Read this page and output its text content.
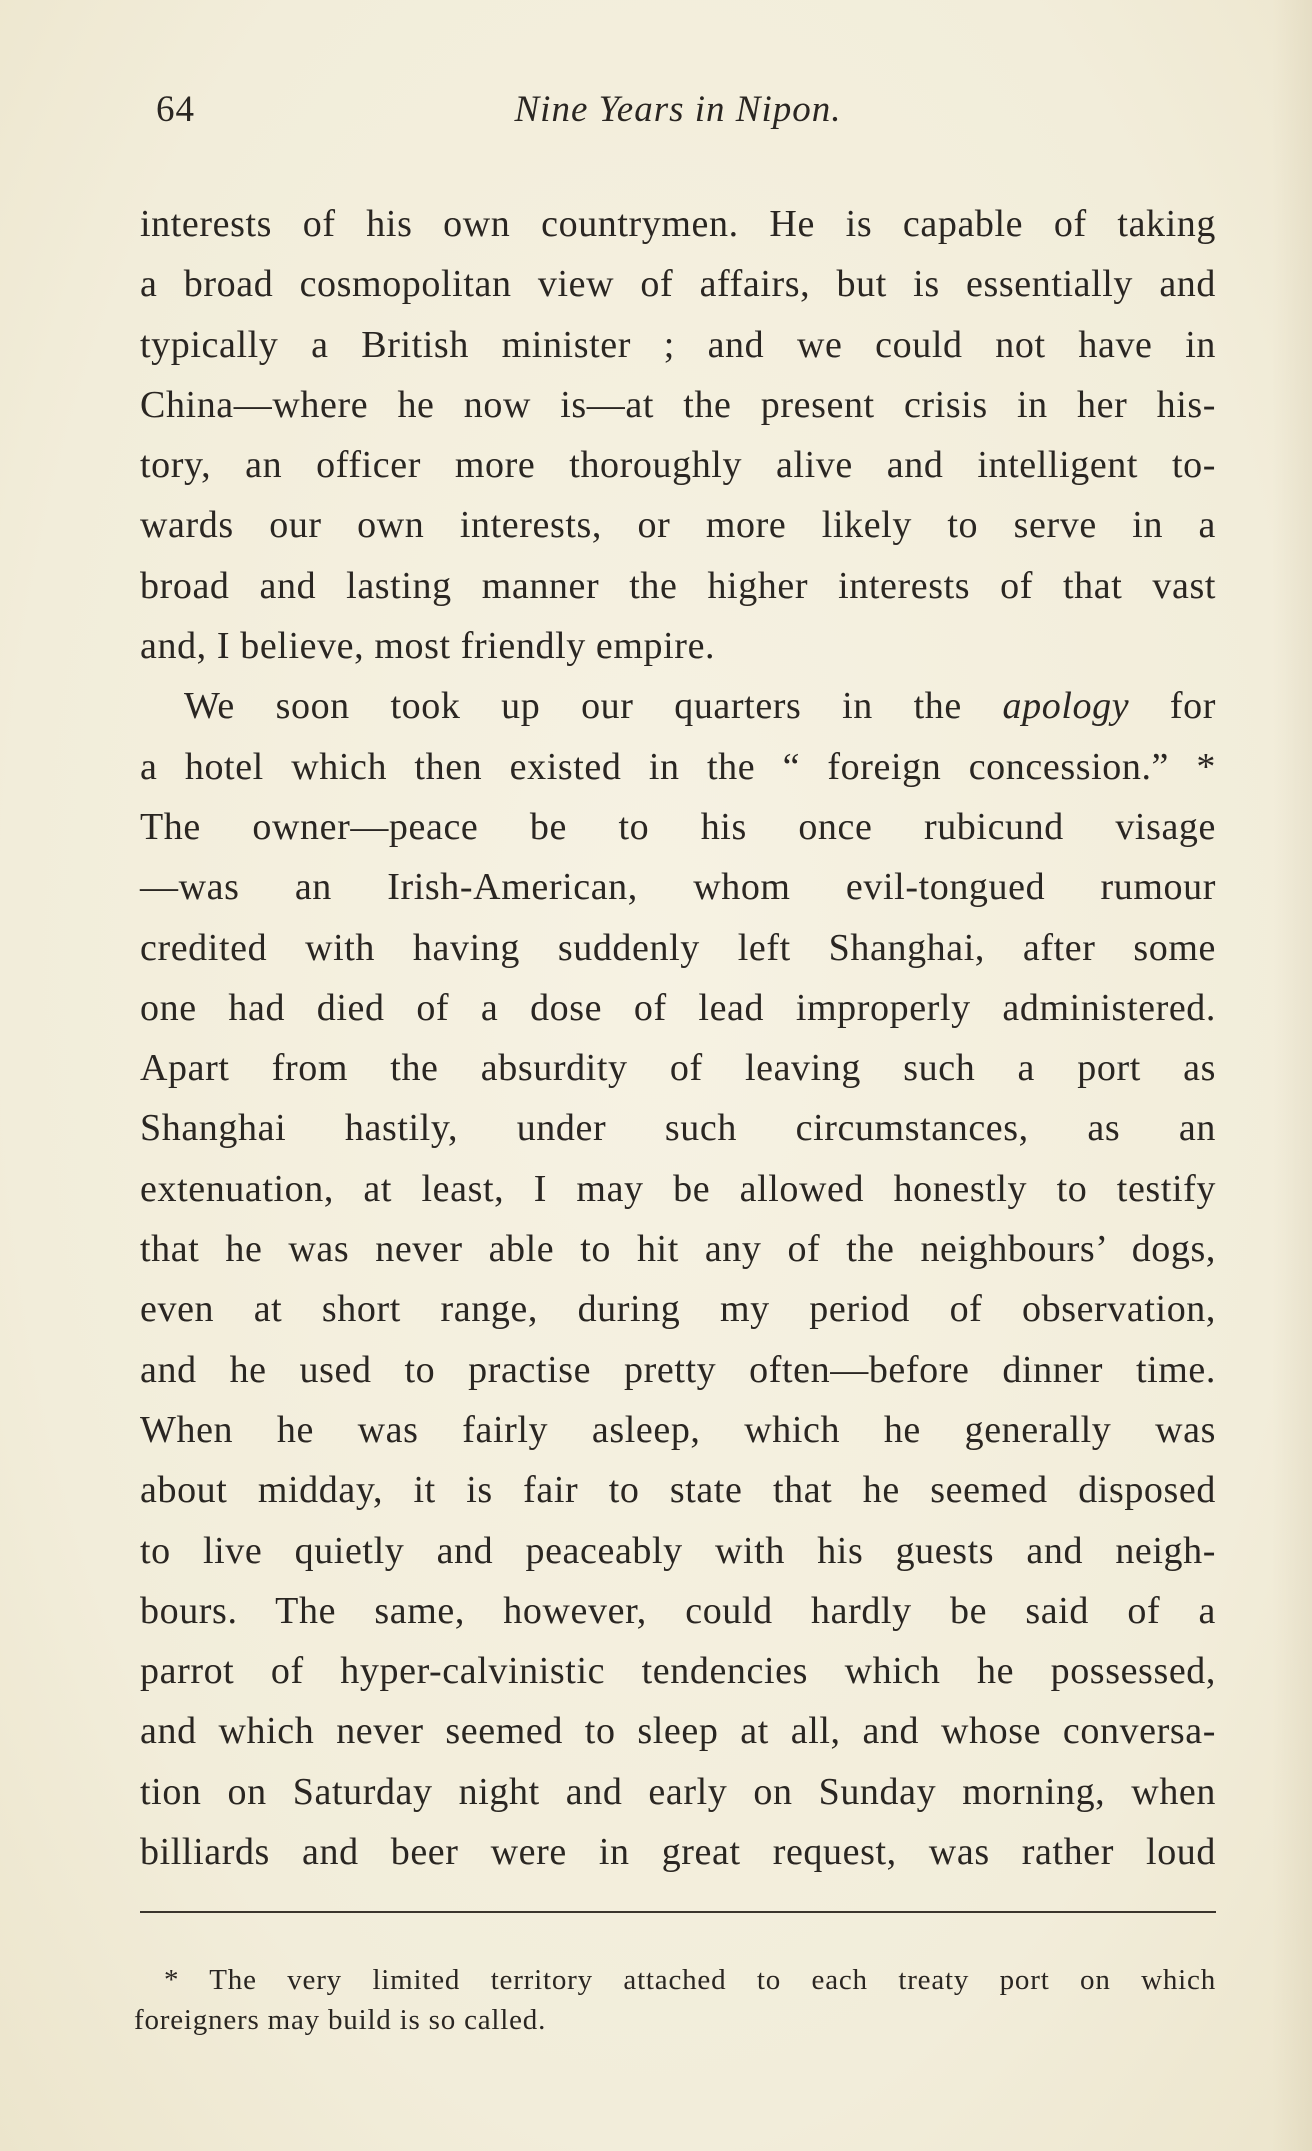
64	Nine Years in Nipon.
interests of his own countrymen. He is capable of taking
a broad cosmopolitan view of affairs, but is essentially and
typically a British minister ; and we could not have in
China—where he now is—at the present crisis in her his-
tory, an officer more thoroughly alive and intelligent to-
wards our own interests, or more likely to serve in a
broad and lasting manner the higher interests of that vast
and, I believe, most friendly empire.
We soon took up our quarters in the apology for
a hotel which then existed in the “ foreign concession.” *
The owner—peace be to his once rubicund visage
—was an Irish-American, whom evil-tongued rumour
credited with having suddenly left Shanghai, after some
one had died of a dose of lead improperly administered.
Apart from the absurdity of leaving such a port as
Shanghai hastily, under such circumstances, as an
extenuation, at least, I may be allowed honestly to testify
that he was never able to hit any of the neighbours’ dogs,
even at short range, during my period of observation,
and he used to practise pretty often—before dinner time.
When he was fairly asleep, which he generally was
about midday, it is fair to state that he seemed disposed
to live quietly and peaceably with his guests and neigh-
bours. The same, however, could hardly be said of a
parrot of hyper-calvinistic tendencies which he possessed,
and which never seemed to sleep at all, and whose conversa-
tion on Saturday night and early on Sunday morning, when
billiards and beer were in great request, was rather loud
* The very limited territory attached to each treaty port on which
foreigners may build is so called.
